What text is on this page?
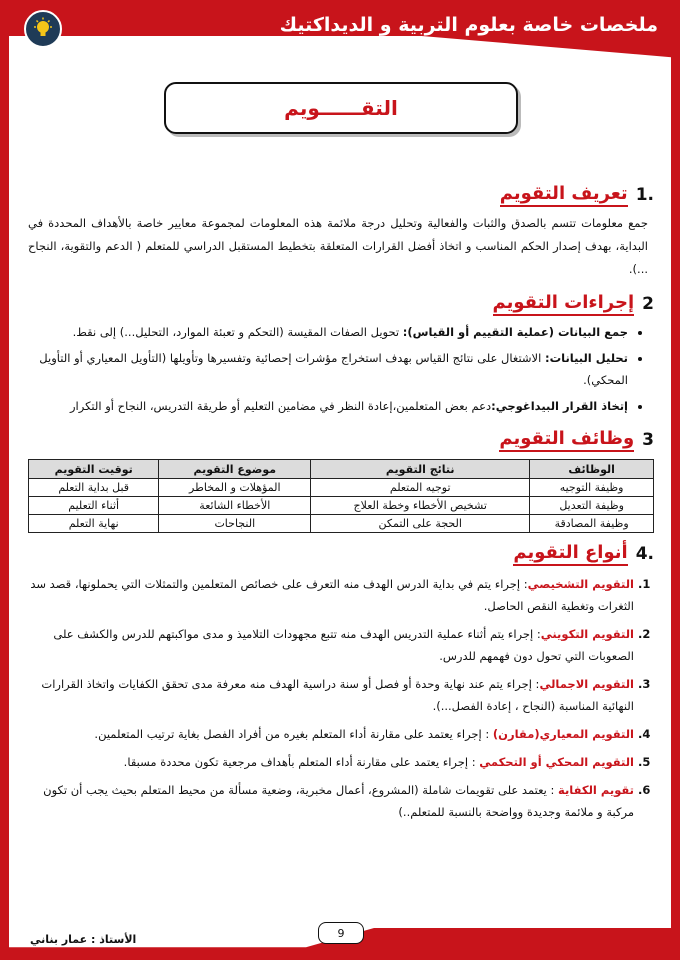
ملخصات خاصة بعلوم التربية و الديداكتيك
التقــــــويم
.1
تعريف التقويم

جمع معلومات تتسم بالصدق والثبات والفعالية وتحليل درجة ملائمة هذه المعلومات لمجموعة معايير خاصة بالأهداف المحددة في البداية، بهدف إصدار الحكم المناسب و اتخاذ أفضل القرارات المتعلقة بتخطيط المستقبل الدراسي للمتعلم ( الدعم والتقوية، النجاح ...).

2
إجراءات التقويم
• جمع البيانات (عملية التقييم أو القياس): تحويل الصفات المقيسة (التحكم و تعبئة الموارد، التحليل...) إلى نقط.
• تحليل البيانات: الاشتغال على نتائج القياس بهدف استخراج مؤشرات إحصائية وتفسيرها وتأويلها (التأويل المعياري أو التأويل المحكي).
• إتخاذ القرار البيداغوجي:دعم بعض المتعلمين،إعادة النظر في مضامين التعليم أو طريقة التدريس، النجاح أو التكرار
3
وظائف التقويم
الوظائف	نتائج التقويم	موضوع التقويم	توقيت التقويم
وظيفة التوجيه	توجيه المتعلم	المؤهلات و المخاطر	قبل بداية التعلم
وظيفة التعديل	تشخيص الأخطاء وخطة العلاج	الأخطاء الشائعة	أثناء التعليم
وظيفة المصادقة	الحجة على التمكن	النجاحات	نهاية التعلم
.4
أنواع التقويم
1. التقويم التشخيصي: إجراء يتم في بداية الدرس الهدف منه التعرف على خصائص المتعلمين والتمثلات التي يحملونها، قصد سد الثغرات وتغطية النقص الحاصل.
2. التقويم التكويني: إجراء يتم أثناء عملية التدريس الهدف منه تتبع مجهودات التلاميذ و مدى مواكبتهم للدرس والكشف على الصعوبات التي تحول دون فهمهم للدرس.
3. التقويم الاجمالي: إجراء يتم عند نهاية وحدة أو فصل أو سنة دراسية الهدف منه معرفة مدى تحقق الكفايات واتخاذ القرارات النهائية المناسبة (النجاح ، إعادة الفصل...).
4. التقويم المعياري(مقارن) : إجراء يعتمد على مقارنة أداء المتعلم بغيره من أفراد الفصل بغاية ترتيب المتعلمين.
5. التقويم المحكي أو التحكمي : إجراء يعتمد على مقارنة أداء المتعلم بأهداف مرجعية تكون محددة مسبقا.
6. تقويم الكفاية : يعتمد على تقويمات شاملة (المشروع، أعمال مخبرية، وضعية مسألة من محيط المتعلم بحيث يجب أن تكون مركبة و ملائمة وجديدة وواضحة بالنسبة للمتعلم..)
الأستاذ : عمار بناني	9
